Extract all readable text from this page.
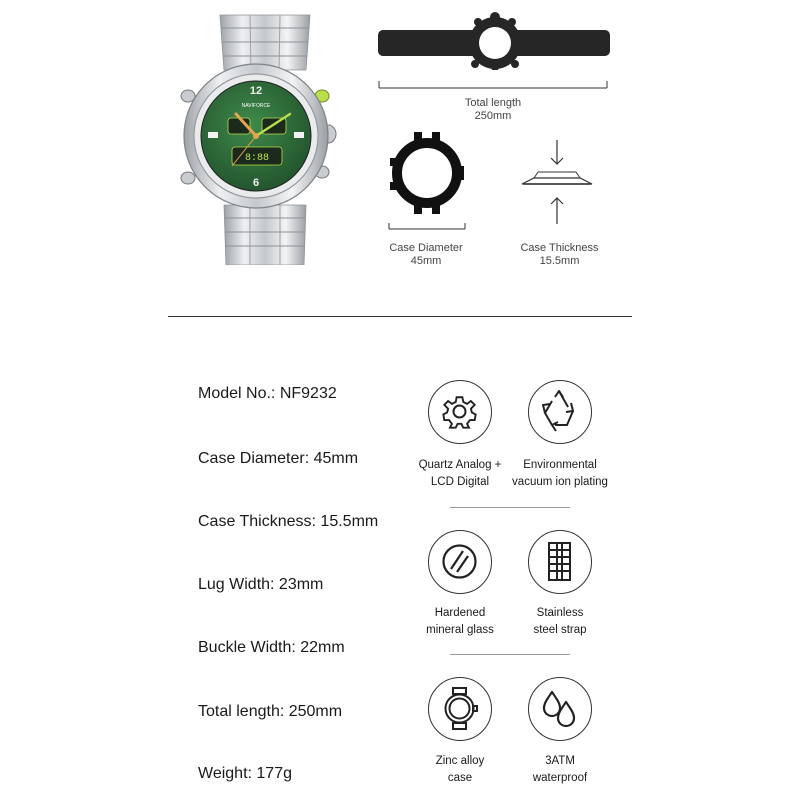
12
6
NAVIFORCE
8:88
Total length
250mm
Case Diameter
45mm
Case Thickness
15.5mm
Model No.: NF9232
Case Diameter: 45mm
Case Thickness: 15.5mm
Lug Width: 23mm
Buckle Width: 22mm
Total length: 250mm
Weight: 177g
Quartz Analog +
LCD Digital
Environmental
vacuum ion plating
Hardened
mineral glass
Stainless
steel strap
Zinc alloy
case
3ATM
waterproof
